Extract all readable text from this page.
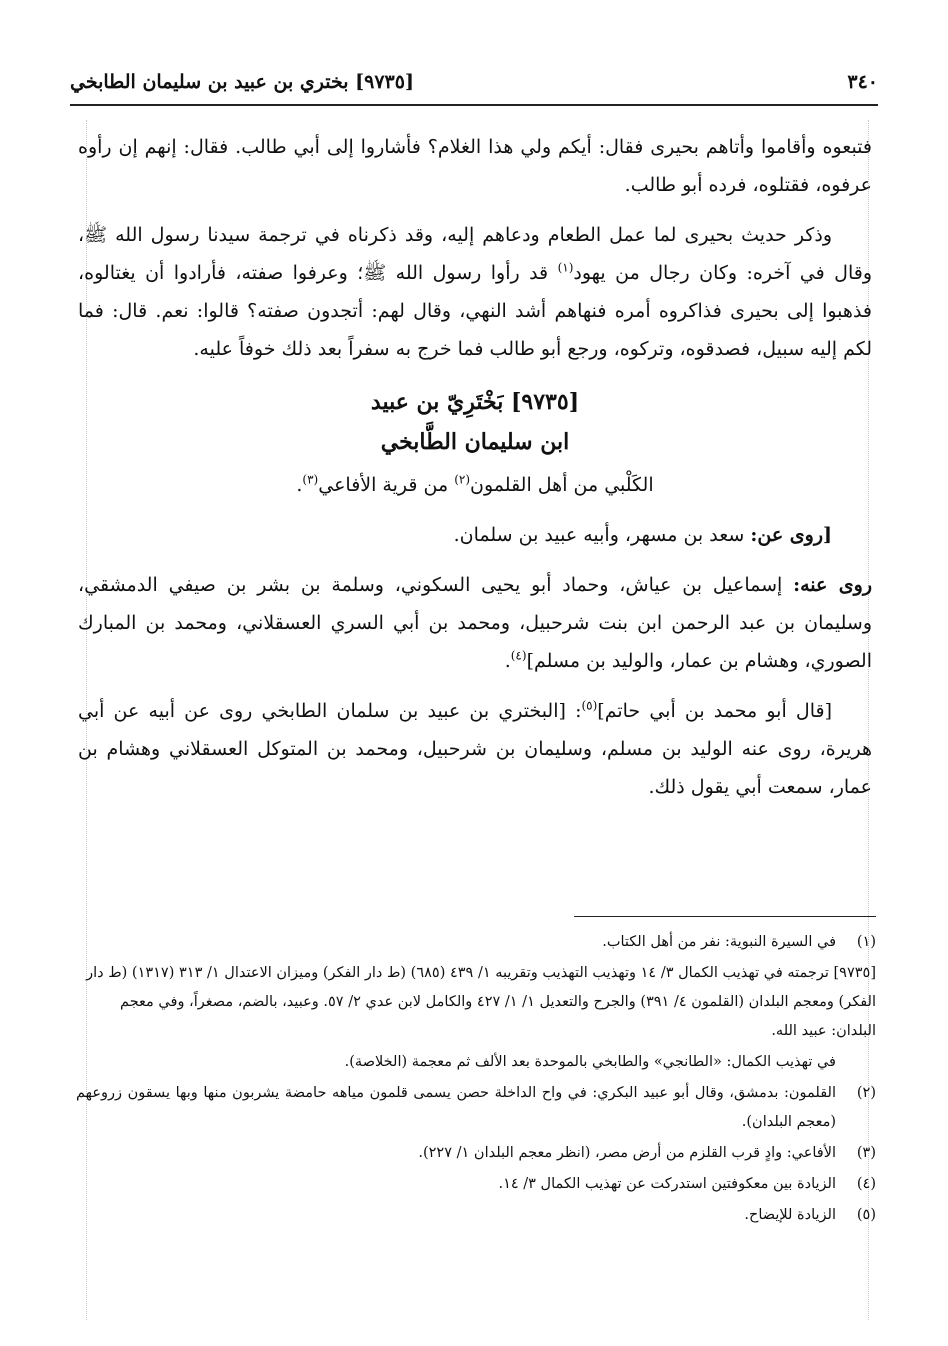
٣٤٠
[٩٧٣٥] بختري بن عبيد بن سليمان الطابخي

فتبعوه وأقاموا وأتاهم بحيرى فقال: أيكم ولي هذا الغلام؟ فأشاروا إلى أبي طالب. فقال: إنهم إن رأوه عرفوه، فقتلوه، فرده أبو طالب.

وذكر حديث بحيرى لما عمل الطعام ودعاهم إليه، وقد ذكرناه في ترجمة سيدنا رسول الله ﷺ، وقال في آخره: وكان رجال من يهود$^{(١)}$ قد رأوا رسول الله ﷺ؛ وعرفوا صفته، فأرادوا أن يغتالوه، فذهبوا إلى بحيرى فذاكروه أمره فنهاهم أشد النهي، وقال لهم: أتجدون صفته؟ قالوا: نعم. قال: فما لكم إليه سبيل، فصدقوه، وتركوه، ورجع أبو طالب فما خرج به سفراً بعد ذلك خوفاً عليه.

[٩٧٣٥] بَخْتَرِيّ بن عبيد
ابن سليمان الطَّابخي

الكَلْبي من أهل القلمون$^{(٢)}$ من قرية الأفاعي$^{(٣)}$.

[روى عن: سعد بن مسهر، وأبيه عبيد بن سلمان.

روى عنه: إسماعيل بن عياش، وحماد أبو يحيى السكوني، وسلمة بن بشر بن صيفي الدمشقي، وسليمان بن عبد الرحمن ابن بنت شرحبيل، ومحمد بن أبي السري العسقلاني، ومحمد بن المبارك الصوري، وهشام بن عمار، والوليد بن مسلم]$^{(٤)}$.

[قال أبو محمد بن أبي حاتم]$^{(٥)}$: [البختري بن عبيد بن سلمان الطابخي روى عن أبيه عن أبي هريرة، روى عنه الوليد بن مسلم، وسليمان بن شرحبيل، ومحمد بن المتوكل العسقلاني وهشام بن عمار، سمعت أبي يقول ذلك.

(١)في السيرة النبوية: نفر من أهل الكتاب.

[٩٧٣٥] ترجمته في تهذيب الكمال ٣/ ١٤ وتهذيب التهذيب وتقريبه ١/ ٤٣٩ (٦٨٥) (ط دار الفكر) وميزان الاعتدال ١/ ٣١٣ (١٣١٧) (ط دار الفكر) ومعجم البلدان (القلمون ٤/ ٣٩١) والجرح والتعديل ١/ ١/ ٤٢٧ والكامل لابن عدي ٢/ ٥٧. وعبيد، بالضم، مصغراً، وفي معجم البلدان: عبيد الله.

في تهذيب الكمال: «الطانجي» والطابخي بالموحدة بعد الألف ثم معجمة (الخلاصة).

(٢)القلمون: بدمشق، وقال أبو عبيد البكري: في واح الداخلة حصن يسمى قلمون مياهه حامضة يشربون منها وبها يسقون زروعهم (معجم البلدان).

(٣)الأفاعي: وادٍ قرب القلزم من أرض مصر، (انظر معجم البلدان ١/ ٢٢٧).

(٤)الزيادة بين معكوفتين استدركت عن تهذيب الكمال ٣/ ١٤.

(٥)الزيادة للإيضاح.
